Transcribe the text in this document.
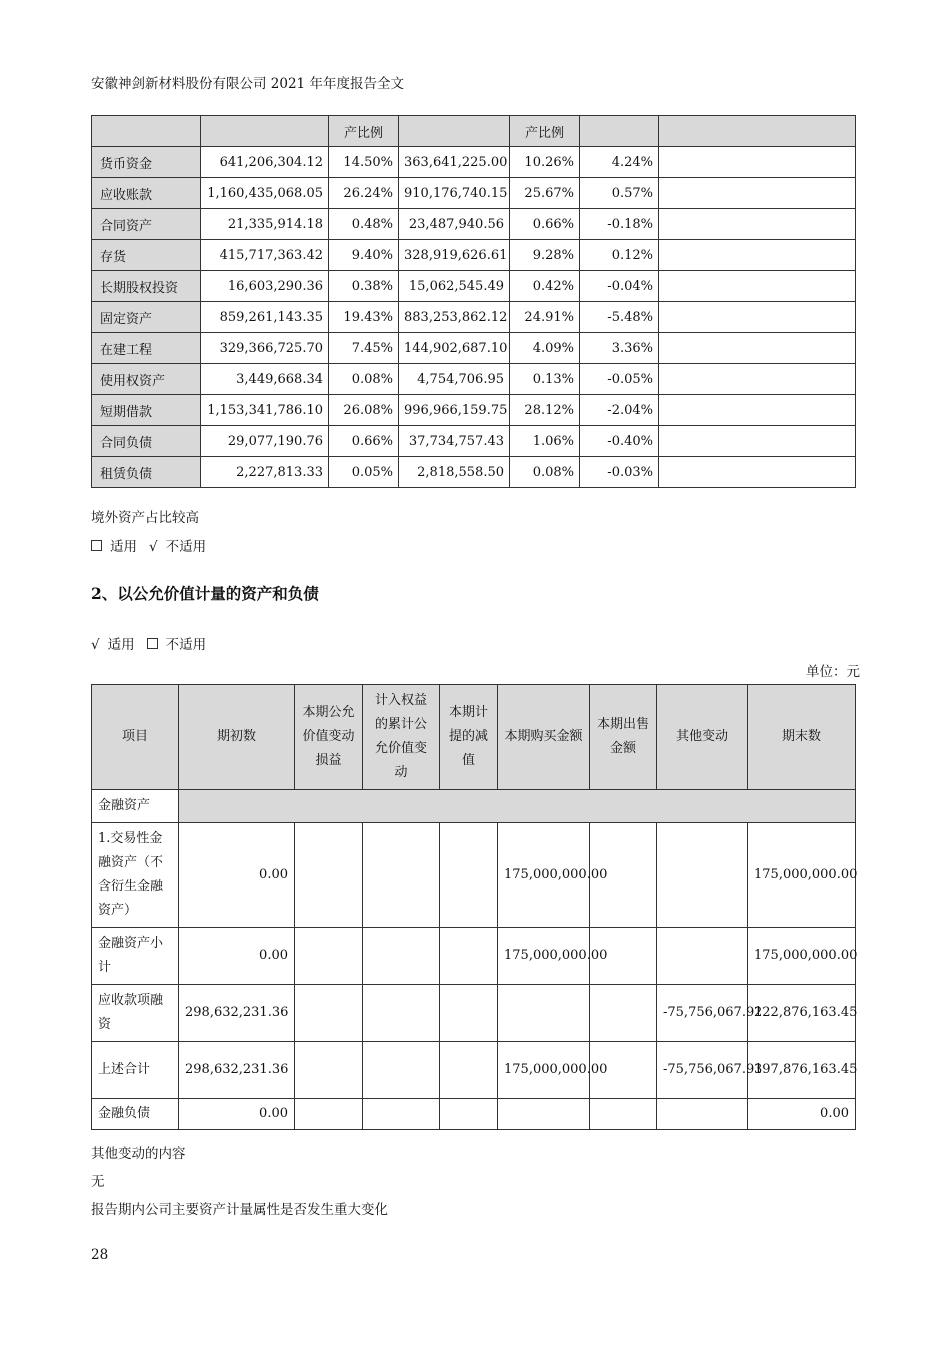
安徽神剑新材料股份有限公司 2021 年年度报告全文
		产比例		产比例		
货币资金	641,206,304.12	14.50%	363,641,225.00	10.26%	4.24%	
应收账款	1,160,435,068.05	26.24%	910,176,740.15	25.67%	0.57%	
合同资产	21,335,914.18	0.48%	23,487,940.56	0.66%	-0.18%	
存货	415,717,363.42	9.40%	328,919,626.61	9.28%	0.12%	
长期股权投资	16,603,290.36	0.38%	15,062,545.49	0.42%	-0.04%	
固定资产	859,261,143.35	19.43%	883,253,862.12	24.91%	-5.48%	
在建工程	329,366,725.70	7.45%	144,902,687.10	4.09%	3.36%	
使用权资产	3,449,668.34	0.08%	4,754,706.95	0.13%	-0.05%	
短期借款	1,153,341,786.10	26.08%	996,966,159.75	28.12%	-2.04%	
合同负债	29,077,190.76	0.66%	37,734,757.43	1.06%	-0.40%	
租赁负债	2,227,813.33	0.05%	2,818,558.50	0.08%	-0.03%	
境外资产占比较高
适用 √ 不适用
2、以公允价值计量的资产和负债
√ 适用 不适用
单位：元
项目	期初数	本期公允价值变动损益	计入权益的累计公允价值变动	本期计提的减值	本期购买金额	本期出售金额	其他变动	期末数
金融资产								
1.交易性金融资产（不含衍生金融资产）	0.00				175,000,000.00			175,000,000.00
金融资产小计	0.00				175,000,000.00			175,000,000.00
应收款项融资	298,632,231.36						-75,756,067.91	222,876,163.45
上述合计	298,632,231.36				175,000,000.00		-75,756,067.91	397,876,163.45
金融负债	0.00							0.00
其他变动的内容
无
报告期内公司主要资产计量属性是否发生重大变化
28
